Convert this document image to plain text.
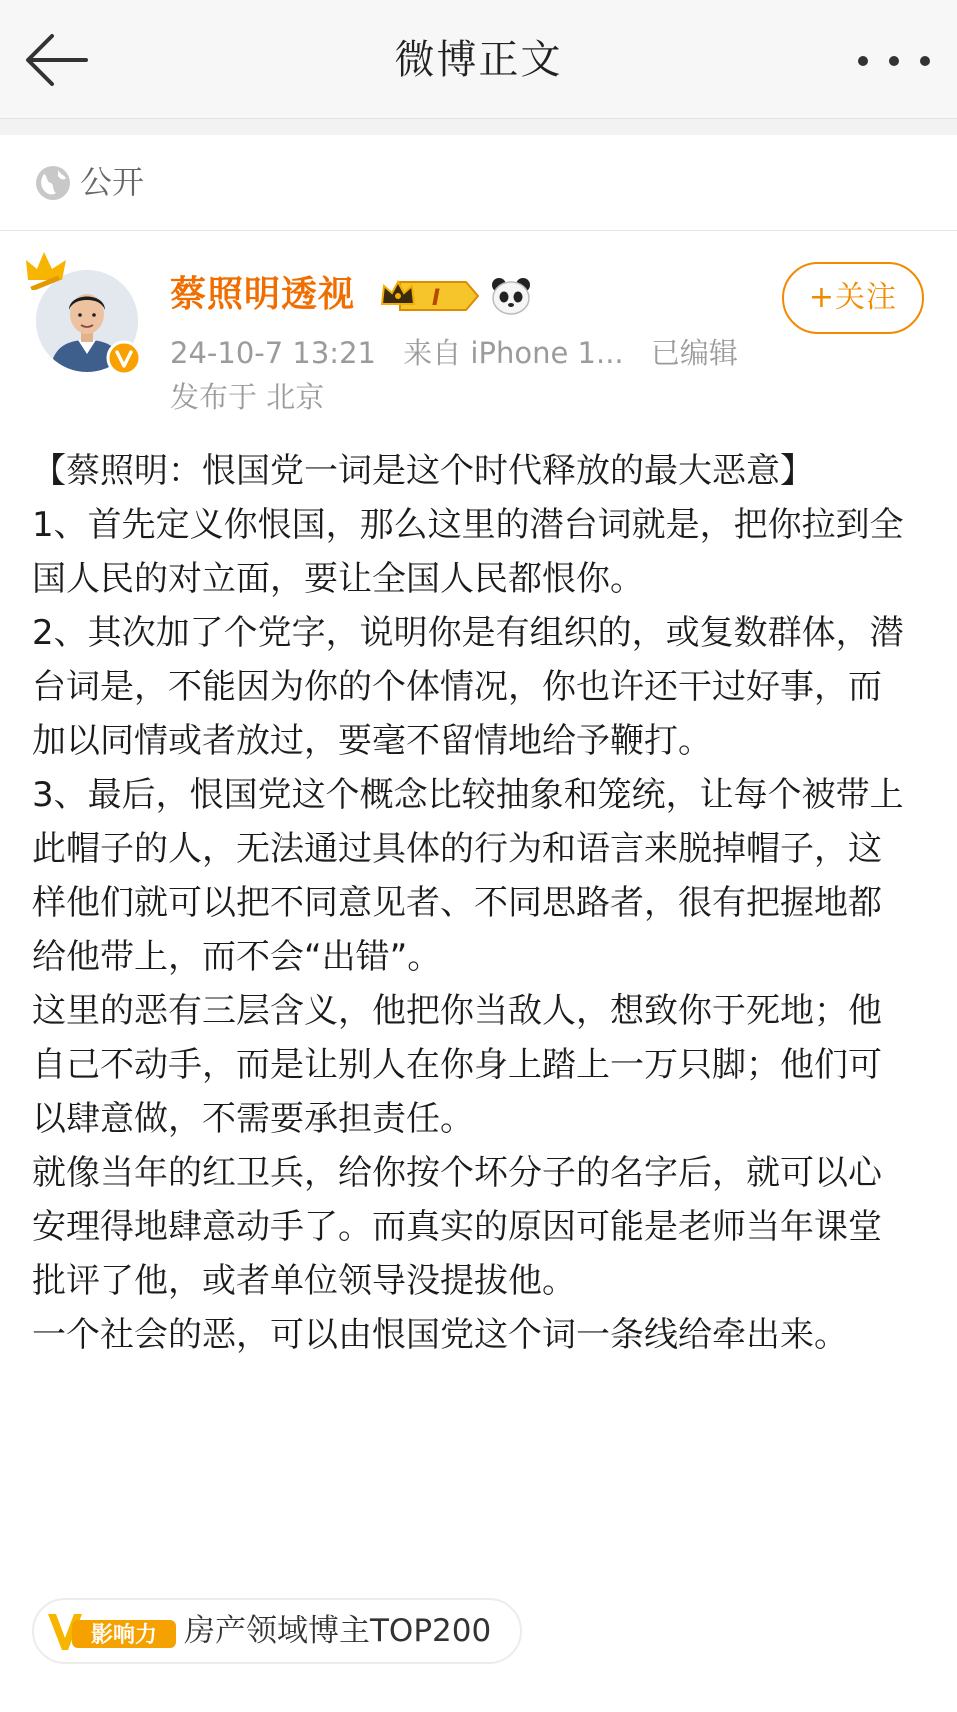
微博正文
公开
蔡照明透视	I	+关注
24-10-7 13:21 来自 iPhone 1... 已编辑
发布于 北京

【蔡照明：恨国党一词是这个时代释放的最大恶意】

1、首先定义你恨国，那么这里的潜台词就是，把你拉到全国人民的对立面，要让全国人民都恨你。

2、其次加了个党字，说明你是有组织的，或复数群体，潜台词是，不能因为你的个体情况，你也许还干过好事，而加以同情或者放过，要毫不留情地给予鞭打。

3、最后，恨国党这个概念比较抽象和笼统，让每个被带上此帽子的人，无法通过具体的行为和语言来脱掉帽子，这样他们就可以把不同意见者、不同思路者，很有把握地都给他带上，而不会“出错”。

这里的恶有三层含义，他把你当敌人，想致你于死地；他自己不动手，而是让别人在你身上踏上一万只脚；他们可以肆意做，不需要承担责任。

就像当年的红卫兵，给你按个坏分子的名字后，就可以心安理得地肆意动手了。而真实的原因可能是老师当年课堂批评了他，或者单位领导没提拔他。

一个社会的恶，可以由恨国党这个词一条线给牵出来。

影响力 房产领域博主TOP200
